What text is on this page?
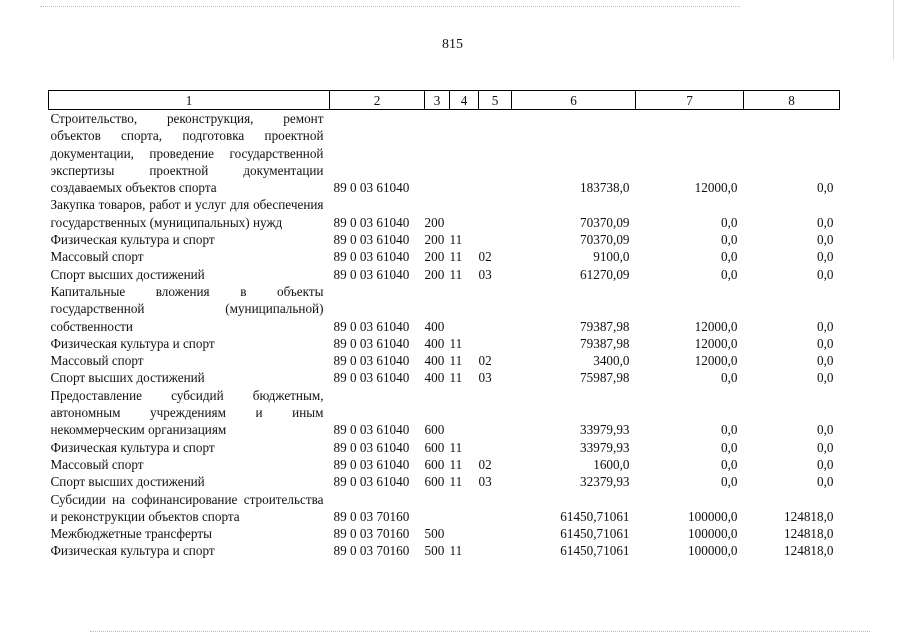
815
1	2	3	4	5	6	7	8
Строительство, реконструкция, ремонт объектов спорта, подготовка проектной документации, проведение государственной экспертизы проектной документации создаваемых объектов спорта	89 0 03 61040				183738,0	12000,0	0,0
Закупка товаров, работ и услуг для обеспечения государственных (муниципальных) нужд	89 0 03 61040	200			70370,09	0,0	0,0
Физическая культура и спорт	89 0 03 61040	200	11		70370,09	0,0	0,0
Массовый спорт	89 0 03 61040	200	11	02	9100,0	0,0	0,0
Спорт высших достижений	89 0 03 61040	200	11	03	61270,09	0,0	0,0
Капитальные вложения в объекты государственной (муниципальной) собственности	89 0 03 61040	400			79387,98	12000,0	0,0
Физическая культура и спорт	89 0 03 61040	400	11		79387,98	12000,0	0,0
Массовый спорт	89 0 03 61040	400	11	02	3400,0	12000,0	0,0
Спорт высших достижений	89 0 03 61040	400	11	03	75987,98	0,0	0,0
Предоставление субсидий бюджетным, автономным учреждениям и иным некоммерческим организациям	89 0 03 61040	600			33979,93	0,0	0,0
Физическая культура и спорт	89 0 03 61040	600	11		33979,93	0,0	0,0
Массовый спорт	89 0 03 61040	600	11	02	1600,0	0,0	0,0
Спорт высших достижений	89 0 03 61040	600	11	03	32379,93	0,0	0,0
Субсидии на софинансирование строительства и реконструкции объектов спорта	89 0 03 70160				61450,71061	100000,0	124818,0
Межбюджетные трансферты	89 0 03 70160	500			61450,71061	100000,0	124818,0
Физическая культура и спорт	89 0 03 70160	500	11		61450,71061	100000,0	124818,0
